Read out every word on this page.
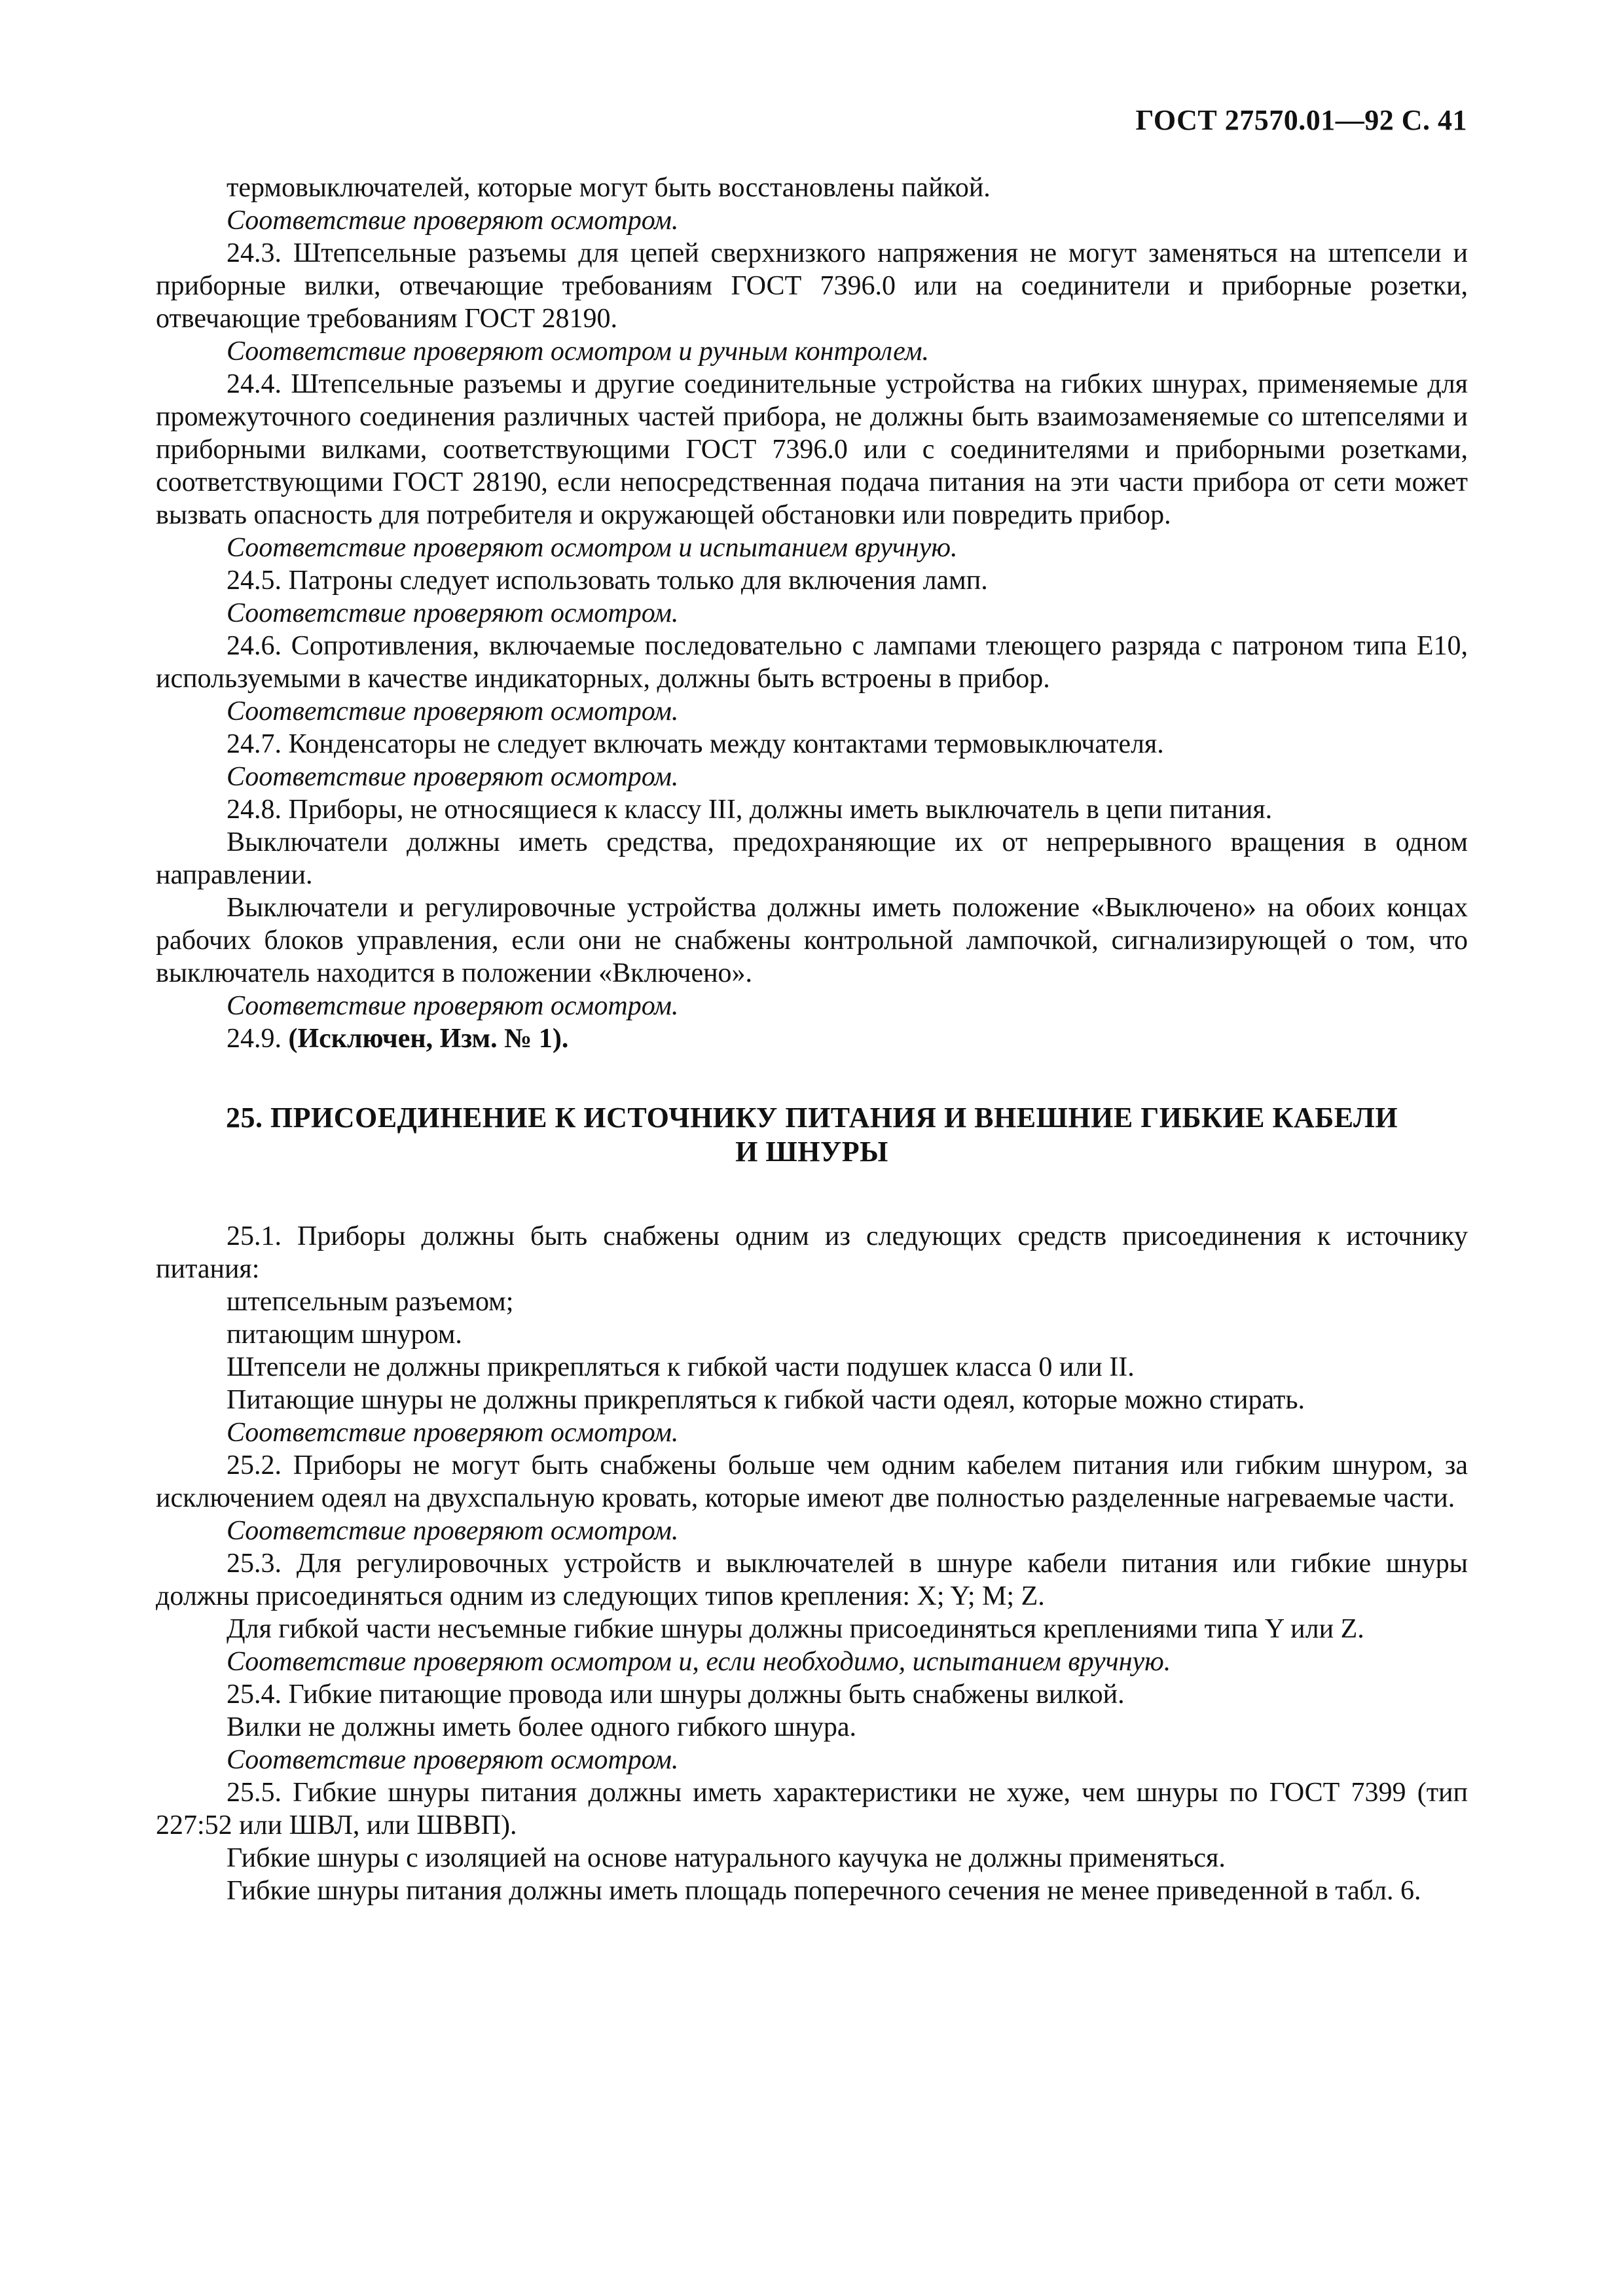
ГОСТ 27570.01—92 С. 41

термовыключателей, которые могут быть восстановлены пайкой.

Соответствие проверяют осмотром.

24.3. Штепсельные разъемы для цепей сверхнизкого напряжения не могут заменяться на штепсели и приборные вилки, отвечающие требованиям ГОСТ 7396.0 или на соединители и приборные розетки, отвечающие требованиям ГОСТ 28190.

Соответствие проверяют осмотром и ручным контролем.

24.4. Штепсельные разъемы и другие соединительные устройства на гибких шнурах, применяемые для промежуточного соединения различных частей прибора, не должны быть взаимозаменяемые со штепселями и приборными вилками, соответствующими ГОСТ 7396.0 или с соединителями и приборными розетками, соответствующими ГОСТ 28190, если непосредственная подача питания на эти части прибора от сети может вызвать опасность для потребителя и окружающей обстановки или повредить прибор.

Соответствие проверяют осмотром и испытанием вручную.

24.5. Патроны следует использовать только для включения ламп.

Соответствие проверяют осмотром.

24.6. Сопротивления, включаемые последовательно с лампами тлеющего разряда с патроном типа Е10, используемыми в качестве индикаторных, должны быть встроены в прибор.

Соответствие проверяют осмотром.

24.7. Конденсаторы не следует включать между контактами термовыключателя.

Соответствие проверяют осмотром.

24.8. Приборы, не относящиеся к классу III, должны иметь выключатель в цепи питания.

Выключатели должны иметь средства, предохраняющие их от непрерывного вращения в одном направлении.

Выключатели и регулировочные устройства должны иметь положение «Выключено» на обоих концах рабочих блоков управления, если они не снабжены контрольной лампочкой, сигнализирующей о том, что выключатель находится в положении «Включено».

Соответствие проверяют осмотром.

24.9. (Исключен, Изм. № 1).

25. ПРИСОЕДИНЕНИЕ К ИСТОЧНИКУ ПИТАНИЯ И ВНЕШНИЕ ГИБКИЕ КАБЕЛИ
И ШНУРЫ

25.1. Приборы должны быть снабжены одним из следующих средств присоединения к источнику питания:

штепсельным разъемом;

питающим шнуром.

Штепсели не должны прикрепляться к гибкой части подушек класса 0 или II.

Питающие шнуры не должны прикрепляться к гибкой части одеял, которые можно стирать.

Соответствие проверяют осмотром.

25.2. Приборы не могут быть снабжены больше чем одним кабелем питания или гибким шнуром, за исключением одеял на двухспальную кровать, которые имеют две полностью разделенные нагреваемые части.

Соответствие проверяют осмотром.

25.3. Для регулировочных устройств и выключателей в шнуре кабели питания или гибкие шнуры должны присоединяться одним из следующих типов крепления: X; Y; M; Z.

Для гибкой части несъемные гибкие шнуры должны присоединяться креплениями типа Y или Z.

Соответствие проверяют осмотром и, если необходимо, испытанием вручную.

25.4. Гибкие питающие провода или шнуры должны быть снабжены вилкой.

Вилки не должны иметь более одного гибкого шнура.

Соответствие проверяют осмотром.

25.5. Гибкие шнуры питания должны иметь характеристики не хуже, чем шнуры по ГОСТ 7399 (тип 227:52 или ШВЛ, или ШВВП).

Гибкие шнуры с изоляцией на основе натурального каучука не должны применяться.

Гибкие шнуры питания должны иметь площадь поперечного сечения не менее приведенной в табл. 6.
